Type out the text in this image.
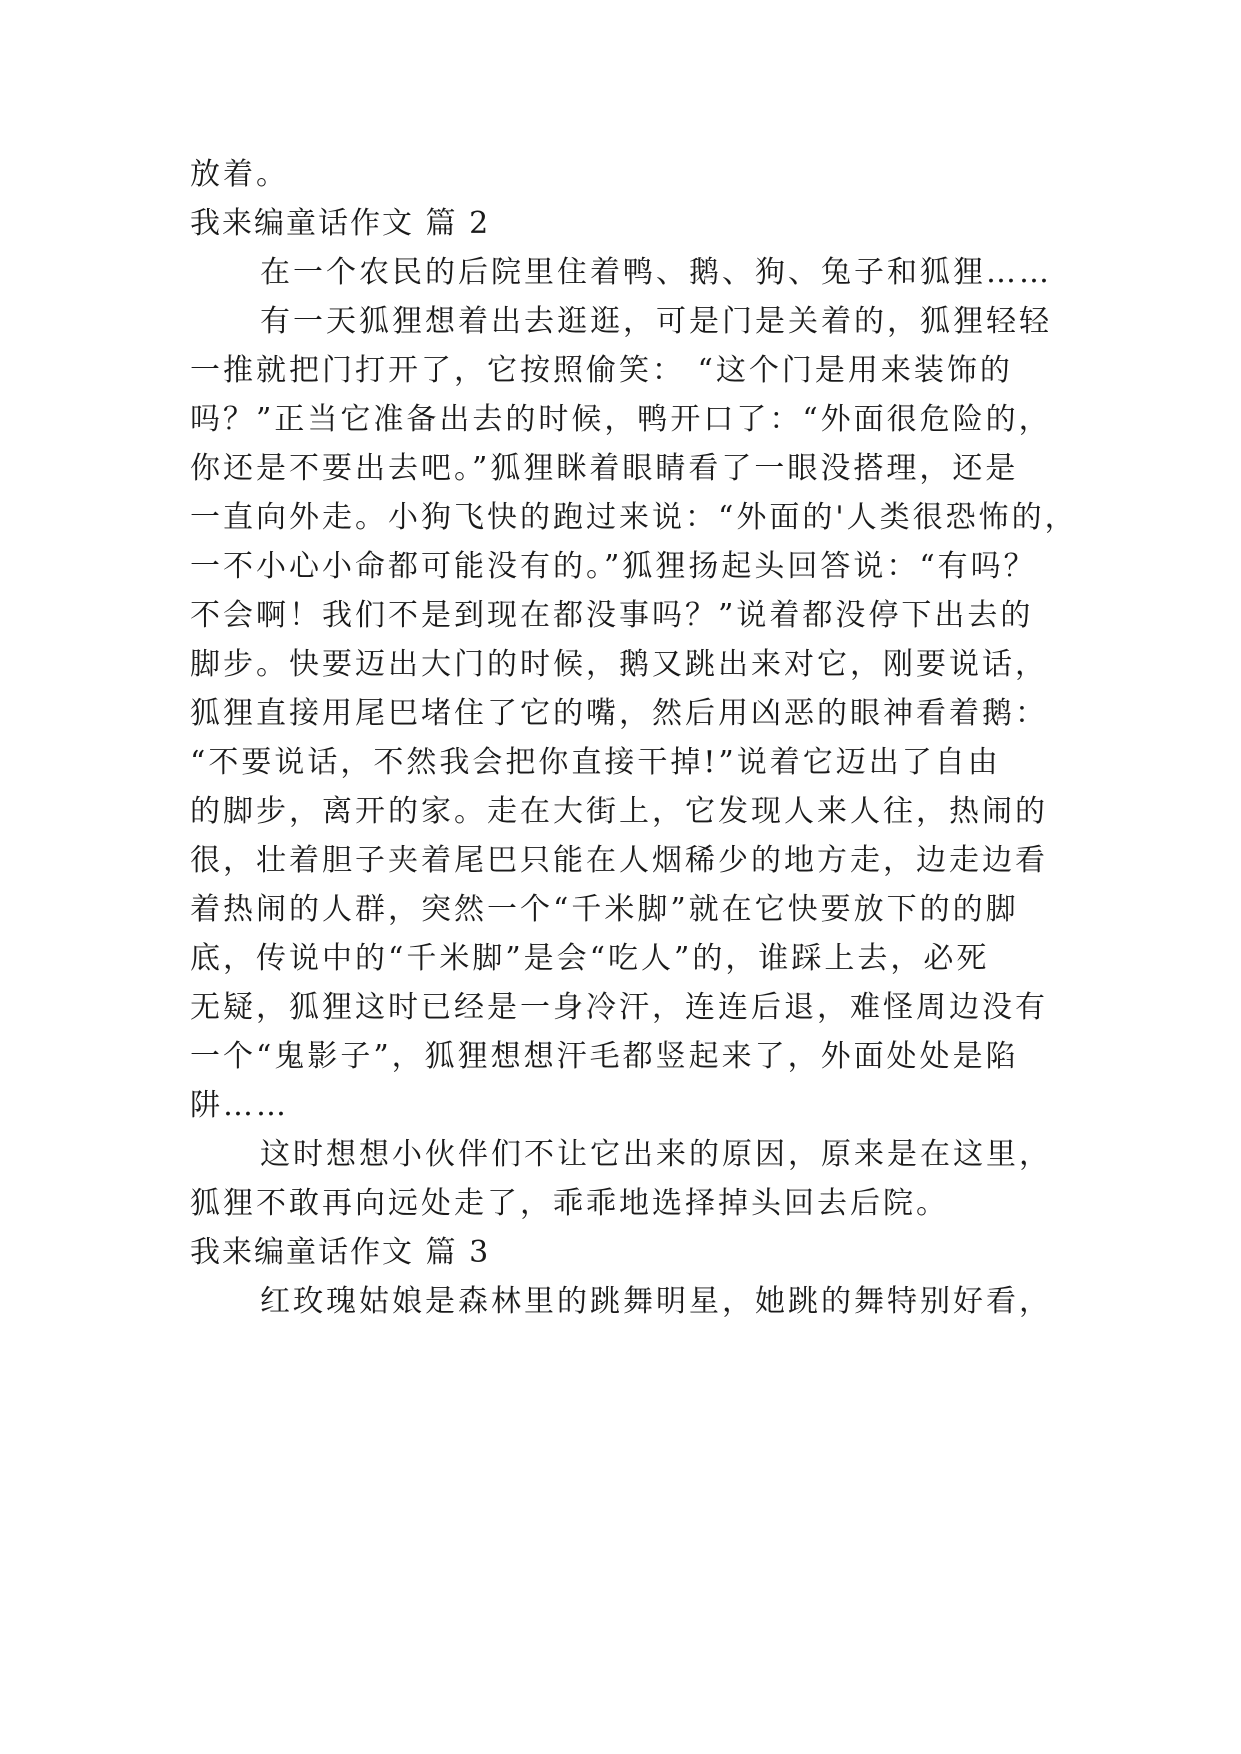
放着。
我来编童话作文 篇 2
在一个农民的后院里住着鸭、鹅、狗、兔子和狐狸……
有一天狐狸想着出去逛逛，可是门是关着的，狐狸轻轻
一推就把门打开了，它按照偷笑： “这个门是用来装饰的
吗？”正当它准备出去的时候，鸭开口了：“外面很危险的，
你还是不要出去吧。”狐狸眯着眼睛看了一眼没搭理，还是
一直向外走。小狗飞快的跑过来说：“外面的'人类很恐怖的，
一不小心小命都可能没有的。”狐狸扬起头回答说：“有吗？
不会啊！我们不是到现在都没事吗？”说着都没停下出去的
脚步。快要迈出大门的时候，鹅又跳出来对它，刚要说话，
狐狸直接用尾巴堵住了它的嘴，然后用凶恶的眼神看着鹅：
“不要说话，不然我会把你直接干掉!”说着它迈出了自由
的脚步，离开的家。走在大街上，它发现人来人往，热闹的
很，壮着胆子夹着尾巴只能在人烟稀少的地方走，边走边看
着热闹的人群，突然一个“千米脚”就在它快要放下的的脚
底，传说中的“千米脚”是会“吃人”的，谁踩上去，必死
无疑，狐狸这时已经是一身冷汗，连连后退，难怪周边没有
一个“鬼影子”，狐狸想想汗毛都竖起来了，外面处处是陷
阱……
这时想想小伙伴们不让它出来的原因，原来是在这里，
狐狸不敢再向远处走了，乖乖地选择掉头回去后院。
我来编童话作文 篇 3
红玫瑰姑娘是森林里的跳舞明星，她跳的舞特别好看，
